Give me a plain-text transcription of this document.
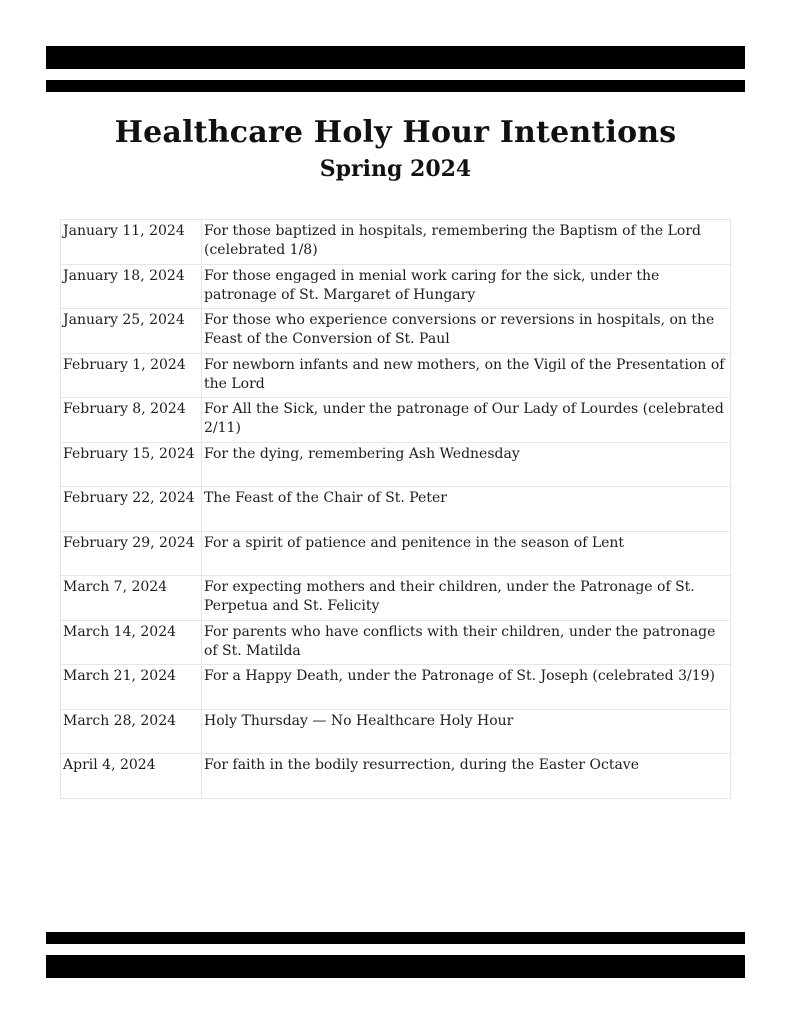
Healthcare Holy Hour Intentions
Spring 2024
January 11, 2024	For those baptized in hospitals, remembering the Baptism of the Lord (celebrated 1/8)
January 18, 2024	For those engaged in menial work caring for the sick, under the patronage of St. Margaret of Hungary
January 25, 2024	For those who experience conversions or reversions in hospitals, on the Feast of the Conversion of St. Paul
February 1, 2024	For newborn infants and new mothers, on the Vigil of the Presentation of the Lord
February 8, 2024	For All the Sick, under the patronage of Our Lady of Lourdes (celebrated 2/11)
February 15, 2024	For the dying, remembering Ash Wednesday
February 22, 2024	The Feast of the Chair of St. Peter
February 29, 2024	For a spirit of patience and penitence in the season of Lent
March 7, 2024	For expecting mothers and their children, under the Patronage of St. Perpetua and St. Felicity
March 14, 2024	For parents who have conflicts with their children, under the patronage of St. Matilda
March 21, 2024	For a Happy Death, under the Patronage of St. Joseph (celebrated 3/19)
March 28, 2024	Holy Thursday — No Healthcare Holy Hour
April 4, 2024	For faith in the bodily resurrection, during the Easter Octave
